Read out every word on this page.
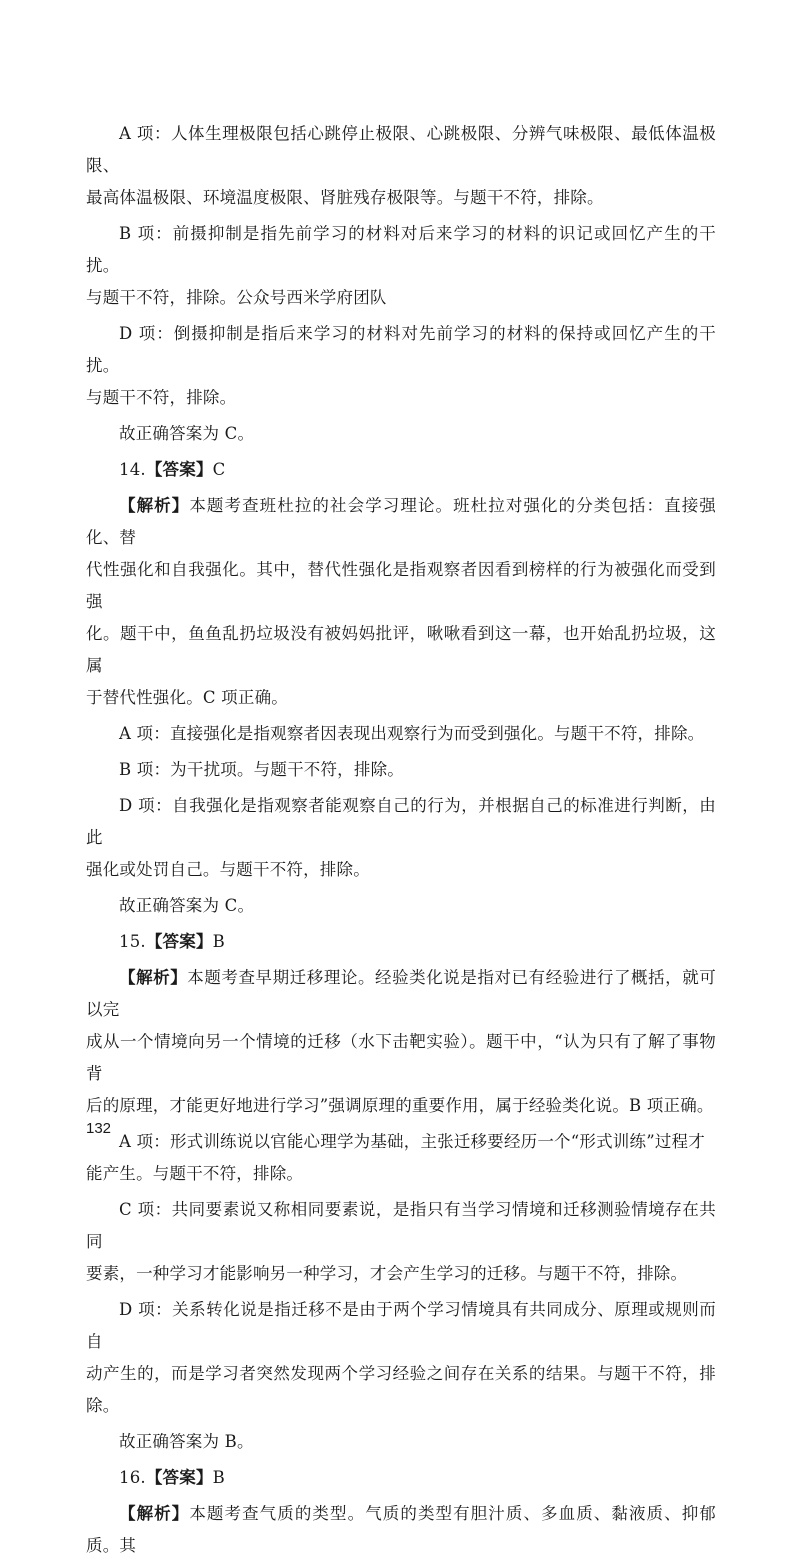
A 项：人体生理极限包括心跳停止极限、心跳极限、分辨气味极限、最低体温极限、
最高体温极限、环境温度极限、肾脏残存极限等。与题干不符，排除。

B 项：前摄抑制是指先前学习的材料对后来学习的材料的识记或回忆产生的干扰。
与题干不符，排除。公众号西米学府团队

D 项：倒摄抑制是指后来学习的材料对先前学习的材料的保持或回忆产生的干扰。
与题干不符，排除。

故正确答案为 C。

14.【答案】C

【解析】本题考查班杜拉的社会学习理论。班杜拉对强化的分类包括：直接强化、替
代性强化和自我强化。其中，替代性强化是指观察者因看到榜样的行为被强化而受到强
化。题干中，鱼鱼乱扔垃圾没有被妈妈批评，啾啾看到这一幕，也开始乱扔垃圾，这属
于替代性强化。C 项正确。

A 项：直接强化是指观察者因表现出观察行为而受到强化。与题干不符，排除。

B 项：为干扰项。与题干不符，排除。

D 项：自我强化是指观察者能观察自己的行为，并根据自己的标准进行判断，由此
强化或处罚自己。与题干不符，排除。

故正确答案为 C。

15.【答案】B

【解析】本题考查早期迁移理论。经验类化说是指对已有经验进行了概括，就可以完
成从一个情境向另一个情境的迁移（水下击靶实验）。题干中，“认为只有了解了事物背
后的原理，才能更好地进行学习”强调原理的重要作用，属于经验类化说。B 项正确。

A 项：形式训练说以官能心理学为基础，主张迁移要经历一个“形式训练”过程才
能产生。与题干不符，排除。

C 项：共同要素说又称相同要素说，是指只有当学习情境和迁移测验情境存在共同
要素，一种学习才能影响另一种学习，才会产生学习的迁移。与题干不符，排除。

D 项：关系转化说是指迁移不是由于两个学习情境具有共同成分、原理或规则而自
动产生的，而是学习者突然发现两个学习经验之间存在关系的结果。与题干不符，排除。

故正确答案为 B。

16.【答案】B

【解析】本题考查气质的类型。气质的类型有胆汁质、多血质、黏液质、抑郁质。其

132
